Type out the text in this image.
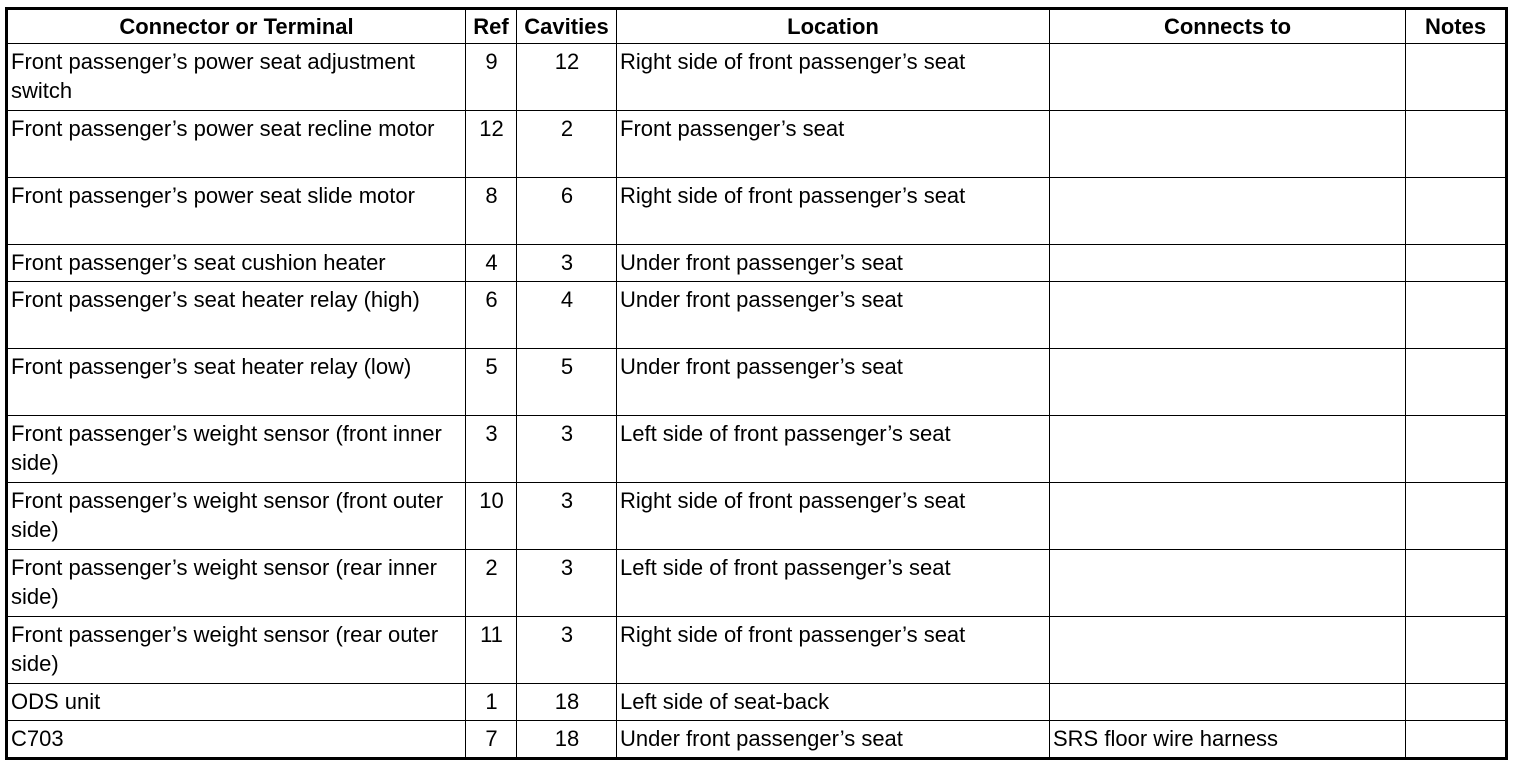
Connector or Terminal	Ref	Cavities	Location	Connects to	Notes
Front passenger’s power seat adjustment switch	9	12	Right side of front passenger’s seat		
Front passenger’s power seat recline motor	12	2	Front passenger’s seat		
Front passenger’s power seat slide motor	8	6	Right side of front passenger’s seat		
Front passenger’s seat cushion heater	4	3	Under front passenger’s seat		
Front passenger’s seat heater relay (high)	6	4	Under front passenger’s seat		
Front passenger’s seat heater relay (low)	5	5	Under front passenger’s seat		
Front passenger’s weight sensor (front inner side)	3	3	Left side of front passenger’s seat		
Front passenger’s weight sensor (front outer side)	10	3	Right side of front passenger’s seat		
Front passenger’s weight sensor (rear inner side)	2	3	Left side of front passenger’s seat		
Front passenger’s weight sensor (rear outer side)	11	3	Right side of front passenger’s seat		
ODS unit	1	18	Left side of seat-back		
C703	7	18	Under front passenger’s seat	SRS floor wire harness	
